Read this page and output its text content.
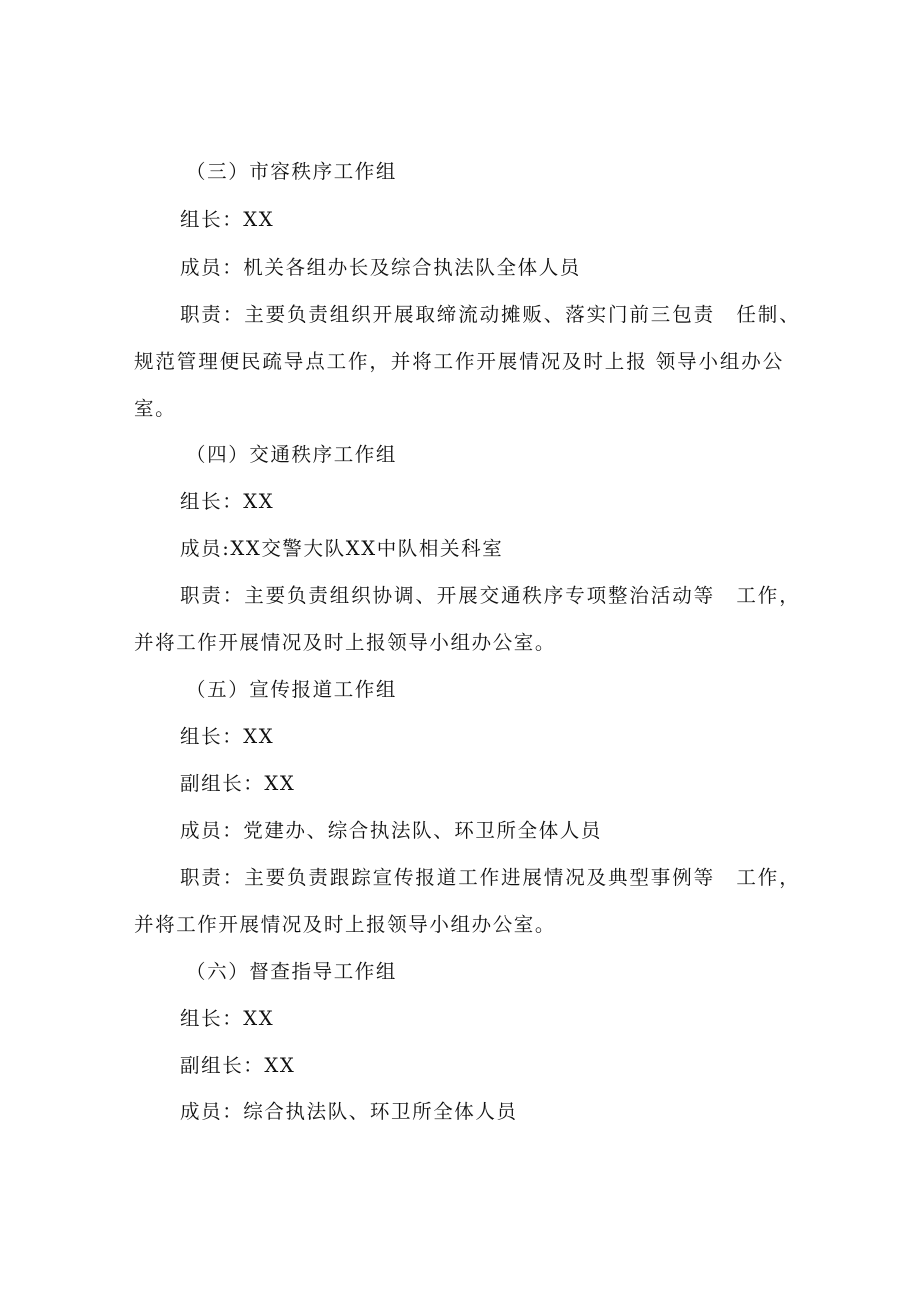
（三）市容秩序工作组
组长：XX
成员：机关各组办长及综合执法队全体人员
职责：主要负责组织开展取缔流动摊贩、落实门前三包责　任制、
规范管理便民疏导点工作，并将工作开展情况及时上报 领导小组办公
室。
（四）交通秩序工作组
组长：XX
成员:XX交警大队XX中队相关科室
职责：主要负责组织协调、开展交通秩序专项整治活动等　工作，
并将工作开展情况及时上报领导小组办公室。
（五）宣传报道工作组
组长：XX
副组长：XX
成员：党建办、综合执法队、环卫所全体人员
职责：主要负责跟踪宣传报道工作进展情况及典型事例等　工作，
并将工作开展情况及时上报领导小组办公室。
（六）督查指导工作组
组长：XX
副组长：XX
成员：综合执法队、环卫所全体人员
